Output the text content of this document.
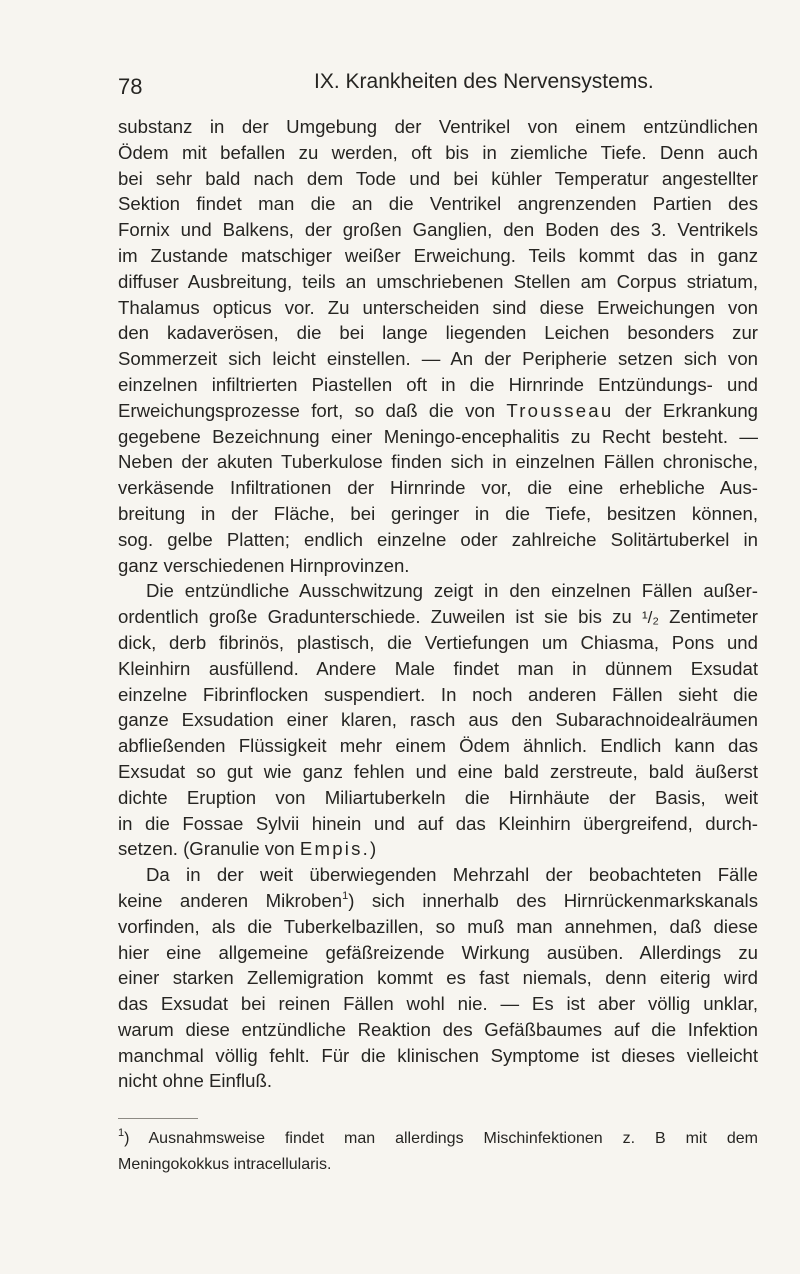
78	IX. Krankheiten des Nervensystems.
substanz in der Umgebung der Ventrikel von einem entzündlichen
Ödem mit befallen zu werden, oft bis in ziemliche Tiefe. Denn auch
bei sehr bald nach dem Tode und bei kühler Temperatur angestellter
Sektion findet man die an die Ventrikel angrenzenden Partien des
Fornix und Balkens, der großen Ganglien, den Boden des 3. Ventrikels
im Zustande matschiger weißer Erweichung. Teils kommt das in ganz
diffuser Ausbreitung, teils an umschriebenen Stellen am Corpus striatum,
Thalamus opticus vor. Zu unterscheiden sind diese Erweichungen von
den kadaverösen, die bei lange liegenden Leichen besonders zur
Sommerzeit sich leicht einstellen. — An der Peripherie setzen sich von
einzelnen infiltrierten Piastellen oft in die Hirnrinde Entzündungs- und
Erweichungsprozesse fort, so daß die von Trousseau der Erkrankung
gegebene Bezeichnung einer Meningo-encephalitis zu Recht besteht. —
Neben der akuten Tuberkulose finden sich in einzelnen Fällen chronische,
verkäsende Infiltrationen der Hirnrinde vor, die eine erhebliche Aus-
breitung in der Fläche, bei geringer in die Tiefe, besitzen können,
sog. gelbe Platten; endlich einzelne oder zahlreiche Solitärtuberkel in
ganz verschiedenen Hirnprovinzen.
Die entzündliche Ausschwitzung zeigt in den einzelnen Fällen außer-
ordentlich große Gradunterschiede. Zuweilen ist sie bis zu ¹/₂ Zentimeter
dick, derb fibrinös, plastisch, die Vertiefungen um Chiasma, Pons und
Kleinhirn ausfüllend. Andere Male findet man in dünnem Exsudat
einzelne Fibrinflocken suspendiert. In noch anderen Fällen sieht die
ganze Exsudation einer klaren, rasch aus den Subarachnoidealräumen
abfließenden Flüssigkeit mehr einem Ödem ähnlich. Endlich kann das
Exsudat so gut wie ganz fehlen und eine bald zerstreute, bald äußerst
dichte Eruption von Miliartuberkeln die Hirnhäute der Basis, weit
in die Fossae Sylvii hinein und auf das Kleinhirn übergreifend, durch-
setzen. (Granulie von Empis.)
Da in der weit überwiegenden Mehrzahl der beobachteten Fälle
keine anderen Mikroben$^1$) sich innerhalb des Hirnrückenmarkskanals
vorfinden, als die Tuberkelbazillen, so muß man annehmen, daß diese
hier eine allgemeine gefäßreizende Wirkung ausüben. Allerdings zu
einer starken Zellemigration kommt es fast niemals, denn eiterig wird
das Exsudat bei reinen Fällen wohl nie. — Es ist aber völlig unklar,
warum diese entzündliche Reaktion des Gefäßbaumes auf die Infektion
manchmal völlig fehlt. Für die klinischen Symptome ist dieses vielleicht
nicht ohne Einfluß.
$^1$) Ausnahmsweise findet man allerdings Mischinfektionen z. B mit dem
Meningokokkus intracellularis.
